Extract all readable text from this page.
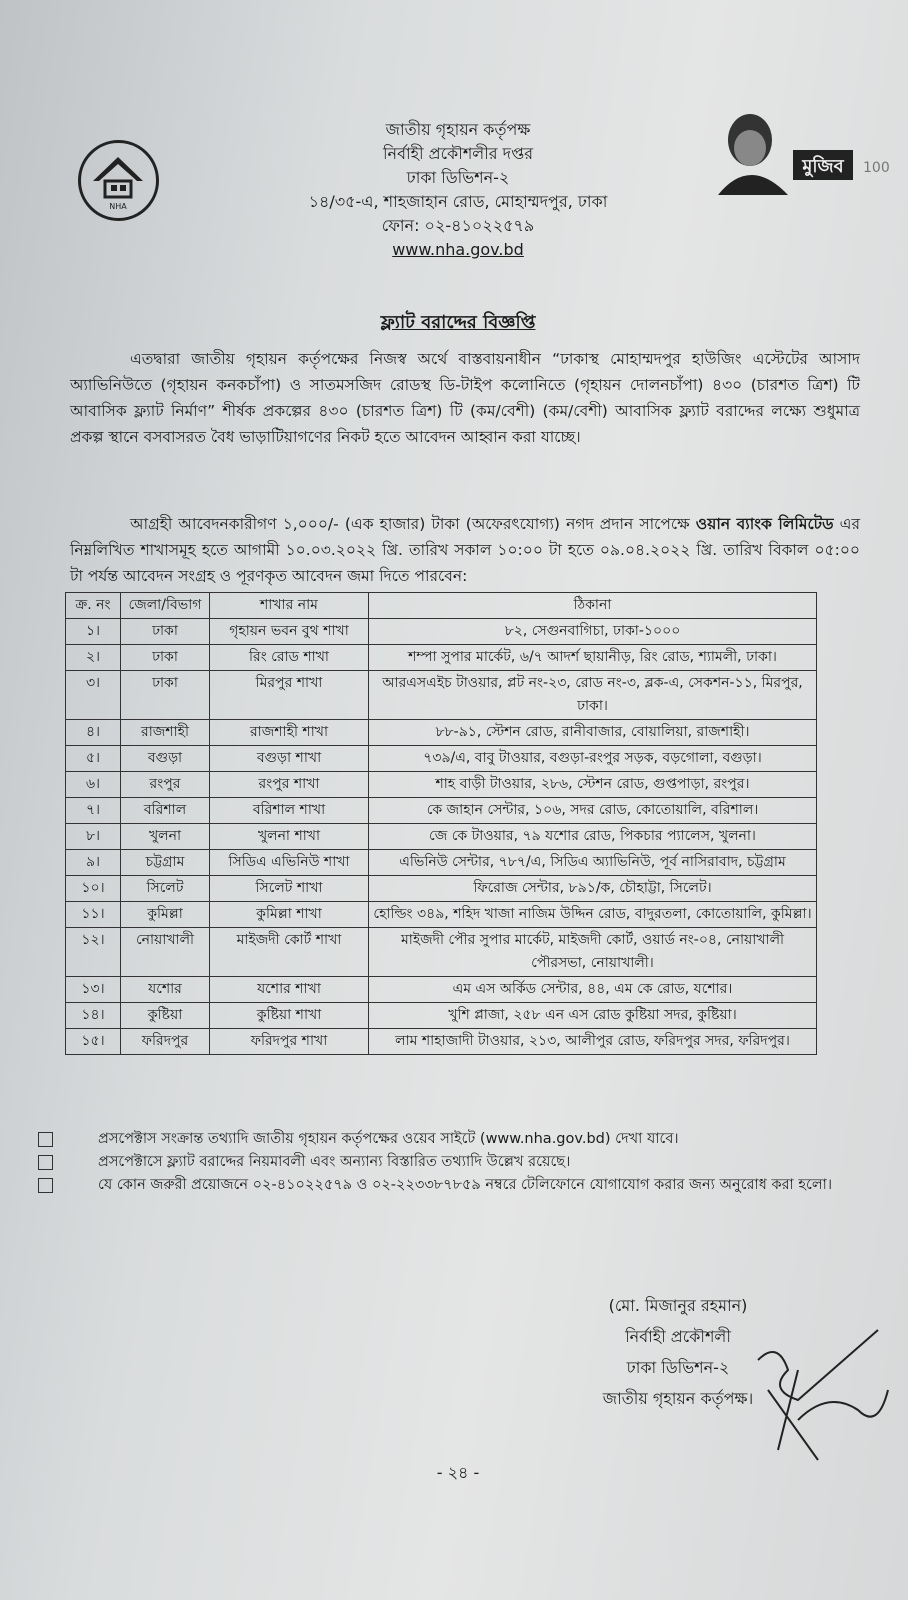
NHA
মুজিব 100
জাতীয় গৃহায়ন কর্তৃপক্ষ
নির্বাহী প্রকৌশলীর দপ্তর
ঢাকা ডিভিশন-২
১৪/৩৫-এ, শাহজাহান রোড, মোহাম্মদপুর, ঢাকা
ফোন: ০২-৪১০২২৫৭৯
www.nha.gov.bd
ফ্ল্যাট বরাদ্দের বিজ্ঞপ্তি
এতদ্বারা জাতীয় গৃহায়ন কর্তৃপক্ষের নিজস্ব অর্থে বাস্তবায়নাধীন “ঢাকাস্থ মোহাম্মদপুর হাউজিং এস্টেটের আসাদ অ্যাভিনিউতে (গৃহায়ন কনকচাঁপা) ও সাতমসজিদ রোডস্থ ডি-টাইপ কলোনিতে (গৃহায়ন দোলনচাঁপা) ৪৩০ (চারশত ত্রিশ) টি আবাসিক ফ্ল্যাট নির্মাণ” শীর্ষক প্রকল্পের ৪৩০ (চারশত ত্রিশ) টি (কম/বেশী) (কম/বেশী) আবাসিক ফ্ল্যাট বরাদ্দের লক্ষ্যে শুধুমাত্র প্রকল্প স্থানে বসবাসরত বৈধ ভাড়াটিয়াগণের নিকট হতে আবেদন আহ্বান করা যাচ্ছে।
আগ্রহী আবেদনকারীগণ ১,০০০/- (এক হাজার) টাকা (অফেরৎযোগ্য) নগদ প্রদান সাপেক্ষে ওয়ান ব্যাংক লিমিটেড এর নিম্নলিখিত শাখাসমূহ হতে আগামী ১০.০৩.২০২২ খ্রি. তারিখ সকাল ১০:০০ টা হতে ০৯.০৪.২০২২ খ্রি. তারিখ বিকাল ০৫:০০ টা পর্যন্ত আবেদন সংগ্রহ ও পূরণকৃত আবেদন জমা দিতে পারবেন:
ক্র. নং	জেলা/বিভাগ	শাখার নাম	ঠিকানা
১।	ঢাকা	গৃহায়ন ভবন বুথ শাখা	৮২, সেগুনবাগিচা, ঢাকা-১০০০
২।	ঢাকা	রিং রোড শাখা	শম্পা সুপার মার্কেট, ৬/৭ আদর্শ ছায়ানীড়, রিং রোড, শ্যামলী, ঢাকা।
৩।	ঢাকা	মিরপুর শাখা	আরএসএইচ টাওয়ার, প্লট নং-২৩, রোড নং-৩, ব্লক-এ, সেকশন-১১, মিরপুর, ঢাকা।
৪।	রাজশাহী	রাজশাহী শাখা	৮৮-৯১, স্টেশন রোড, রানীবাজার, বোয়ালিয়া, রাজশাহী।
৫।	বগুড়া	বগুড়া শাখা	৭৩৯/এ, বাবু টাওয়ার, বগুড়া-রংপুর সড়ক, বড়গোলা, বগুড়া।
৬।	রংপুর	রংপুর শাখা	শাহ বাড়ী টাওয়ার, ২৮৬, স্টেশন রোড, গুপ্তপাড়া, রংপুর।
৭।	বরিশাল	বরিশাল শাখা	কে জাহান সেন্টার, ১০৬, সদর রোড, কোতোয়ালি, বরিশাল।
৮।	খুলনা	খুলনা শাখা	জে কে টাওয়ার, ৭৯ যশোর রোড, পিকচার প্যালেস, খুলনা।
৯।	চট্টগ্রাম	সিডিএ এভিনিউ শাখা	এভিনিউ সেন্টার, ৭৮৭/এ, সিডিএ অ্যাভিনিউ, পূর্ব নাসিরাবাদ, চট্টগ্রাম
১০।	সিলেট	সিলেট শাখা	ফিরোজ সেন্টার, ৮৯১/ক, চৌহাট্টা, সিলেট।
১১।	কুমিল্লা	কুমিল্লা শাখা	হোল্ডিং ৩৪৯, শহিদ খাজা নাজিম উদ্দিন রোড, বাদুরতলা, কোতোয়ালি, কুমিল্লা।
১২।	নোয়াখালী	মাইজদী কোর্ট শাখা	মাইজদী পৌর সুপার মার্কেট, মাইজদী কোর্ট, ওয়ার্ড নং-০৪, নোয়াখালী পৌরসভা, নোয়াখালী।
১৩।	যশোর	যশোর শাখা	এম এস অর্কিড সেন্টার, ৪৪, এম কে রোড, যশোর।
১৪।	কুষ্টিয়া	কুষ্টিয়া শাখা	খুশি প্লাজা, ২৫৮ এন এস রোড কুষ্টিয়া সদর, কুষ্টিয়া।
১৫।	ফরিদপুর	ফরিদপুর শাখা	লাম শাহাজাদী টাওয়ার, ২১৩, আলীপুর রোড, ফরিদপুর সদর, ফরিদপুর।
প্রসপেক্টাস সংক্রান্ত তথ্যাদি জাতীয় গৃহায়ন কর্তৃপক্ষের ওয়েব সাইটে (www.nha.gov.bd) দেখা যাবে।
প্রসপেক্টাসে ফ্ল্যাট বরাদ্দের নিয়মাবলী এবং অন্যান্য বিস্তারিত তথ্যাদি উল্লেখ রয়েছে।
যে কোন জরুরী প্রয়োজনে ০২-৪১০২২৫৭৯ ও ০২-২২৩৩৮৭৮৫৯ নম্বরে টেলিফোনে যোগাযোগ করার জন্য অনুরোধ করা হলো।
(মো. মিজানুর রহমান)
নির্বাহী প্রকৌশলী
ঢাকা ডিভিশন-২
জাতীয় গৃহায়ন কর্তৃপক্ষ।
- ২৪ -
